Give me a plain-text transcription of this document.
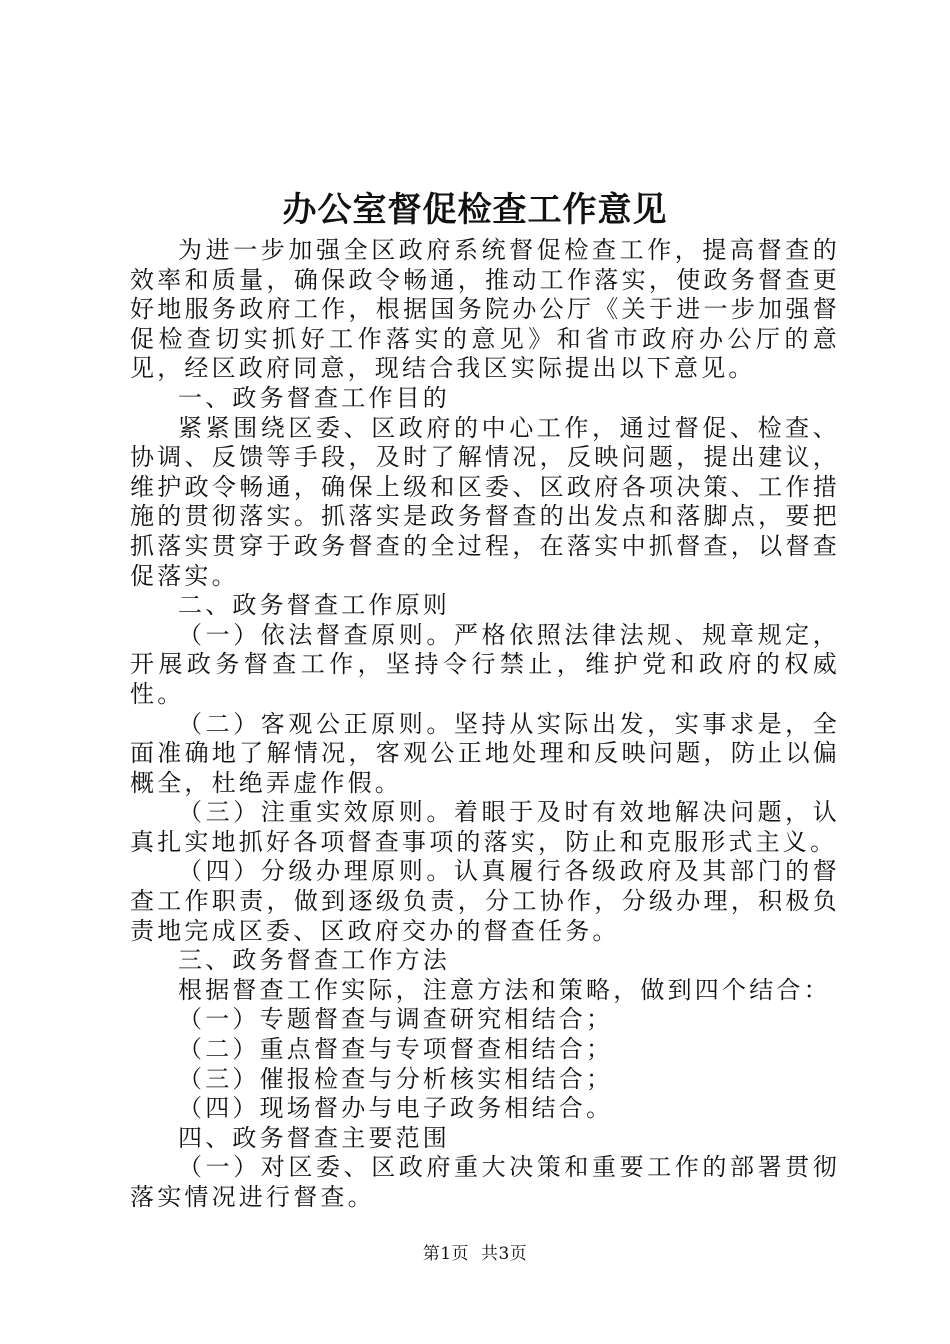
办公室督促检查工作意见

为进一步加强全区政府系统督促检查工作，提高督查的效率和质量，确保政令畅通，推动工作落实，使政务督查更好地服务政府工作，根据国务院办公厅《关于进一步加强督促检查切实抓好工作落实的意见》和省市政府办公厅的意见，经区政府同意，现结合我区实际提出以下意见。

一、政务督查工作目的

紧紧围绕区委、区政府的中心工作，通过督促、检查、协调、反馈等手段，及时了解情况，反映问题，提出建议，维护政令畅通，确保上级和区委、区政府各项决策、工作措施的贯彻落实。抓落实是政务督查的出发点和落脚点，要把抓落实贯穿于政务督查的全过程，在落实中抓督查，以督查促落实。

二、政务督查工作原则

（一）依法督查原则。严格依照法律法规、规章规定，开展政务督查工作，坚持令行禁止，维护党和政府的权威性。

（二）客观公正原则。坚持从实际出发，实事求是，全面准确地了解情况，客观公正地处理和反映问题，防止以偏概全，杜绝弄虚作假。

（三）注重实效原则。着眼于及时有效地解决问题，认真扎实地抓好各项督查事项的落实，防止和克服形式主义。

（四）分级办理原则。认真履行各级政府及其部门的督查工作职责，做到逐级负责，分工协作，分级办理，积极负责地完成区委、区政府交办的督查任务。

三、政务督查工作方法

根据督查工作实际，注意方法和策略，做到四个结合：

（一）专题督查与调查研究相结合；

（二）重点督查与专项督查相结合；

（三）催报检查与分析核实相结合；

（四）现场督办与电子政务相结合。

四、政务督查主要范围

（一）对区委、区政府重大决策和重要工作的部署贯彻落实情况进行督查。

第1页 共3页
